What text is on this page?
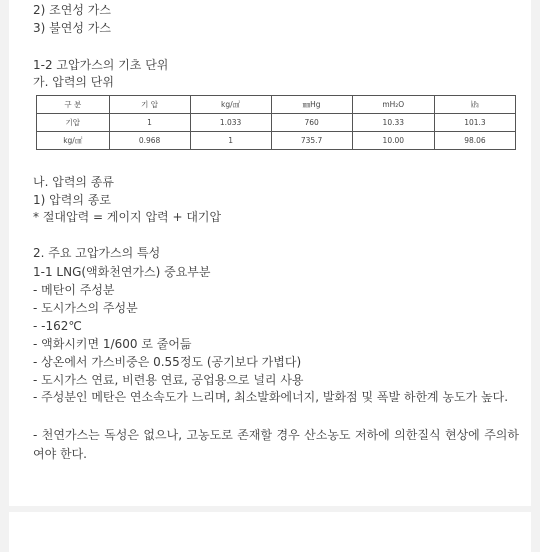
2) 조연성 가스
3) 불연성 가스
1-2 고압가스의 기초 단위
가. 압력의 단위
구 분	기 압	kg/㎠	㎜Hg	mH₂O	㎪
기압	1	1.033	760	10.33	101.3
kg/㎠	0.968	1	735.7	10.00	98.06
나. 압력의 종류
1) 압력의 종로
* 절대압력 = 게이지 압력 + 대기압
2. 주요 고압가스의 특성
1-1 LNG(액화천연가스) 중요부분
- 메탄이 주성분
- 도시가스의 주성분
- -162℃
- 액화시키면 1/600 로 줄어듦
- 상온에서 가스비중은 0.55정도 (공기보다 가볍다)
- 도시가스 연료, 비련용 연료, 공업용으로 널리 사용
- 주성분인 메탄은 연소속도가 느리며, 최소발화에너지, 발화점 및 폭발 하한계 농도가 높다.
- 천연가스는 독성은 없으나, 고농도로 존재할 경우 산소농도 저하에 의한질식 현상에 주의하여야 한다.
